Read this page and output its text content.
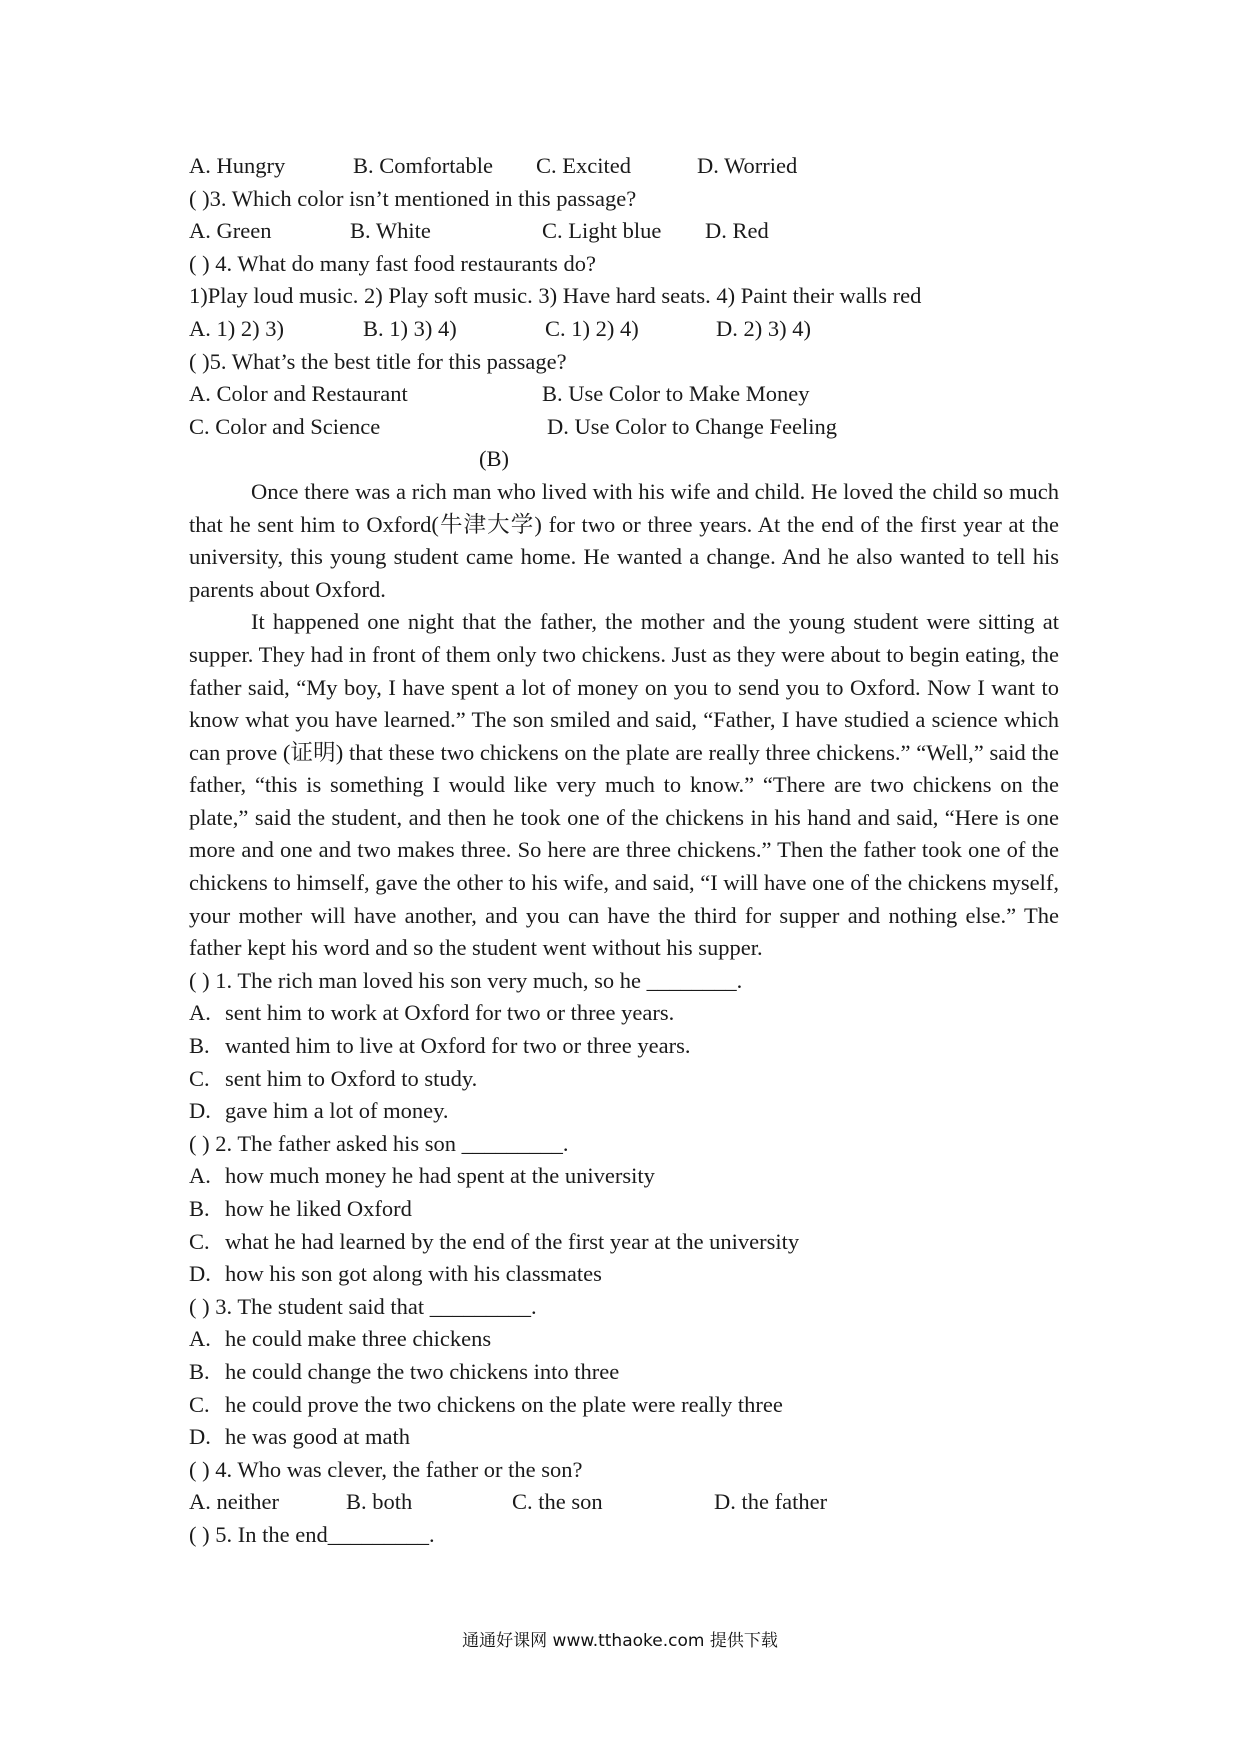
A. Hungry	B. Comfortable C. Excited	D. Worried
( )3. Which color isn’t mentioned in this passage?
A. Green	B. White	C. Light blue D. Red
( ) 4. What do many fast food restaurants do?
1)Play loud music. 2) Play soft music. 3) Have hard seats. 4) Paint their walls red
A. 1) 2) 3)	B. 1) 3) 4)	C. 1) 2) 4)	D. 2) 3) 4)
( )5. What’s the best title for this passage?
A. Color and Restaurant	B. Use Color to Make Money
C. Color and Science	D. Use Color to Change Feeling
(B)

Once there was a rich man who lived with his wife and child. He loved the child so much that he sent him to Oxford(牛津大学) for two or three years. At the end of the first year at the university, this young student came home. He wanted a change. And he also wanted to tell his parents about Oxford.

It happened one night that the father, the mother and the young student were sitting at supper. They had in front of them only two chickens. Just as they were about to begin eating, the father said, “My boy, I have spent a lot of money on you to send you to Oxford. Now I want to know what you have learned.” The son smiled and said, “Father, I have studied a science which can prove (证明) that these two chickens on the plate are really three chickens.” “Well,” said the father, “this is something I would like very much to know.” “There are two chickens on the plate,” said the student, and then he took one of the chickens in his hand and said, “Here is one more and one and two makes three. So here are three chickens.” Then the father took one of the chickens to himself, gave the other to his wife, and said, “I will have one of the chickens myself, your mother will have another, and you can have the third for supper and nothing else.” The father kept his word and so the student went without his supper.

( ) 1. The rich man loved his son very much, so he ________.
A. sent him to work at Oxford for two or three years.
B. wanted him to live at Oxford for two or three years.
C. sent him to Oxford to study.
D. gave him a lot of money.
( ) 2. The father asked his son _________.
A. how much money he had spent at the university
B. how he liked Oxford
C. what he had learned by the end of the first year at the university
D. how his son got along with his classmates
( ) 3. The student said that _________.
A. he could make three chickens
B. he could change the two chickens into three
C. he could prove the two chickens on the plate were really three
D. he was good at math
( ) 4. Who was clever, the father or the son?
A. neither	B. both	C. the son	D. the father
( ) 5. In the end_________.
通通好课网 www.tthaoke.com 提供下载
